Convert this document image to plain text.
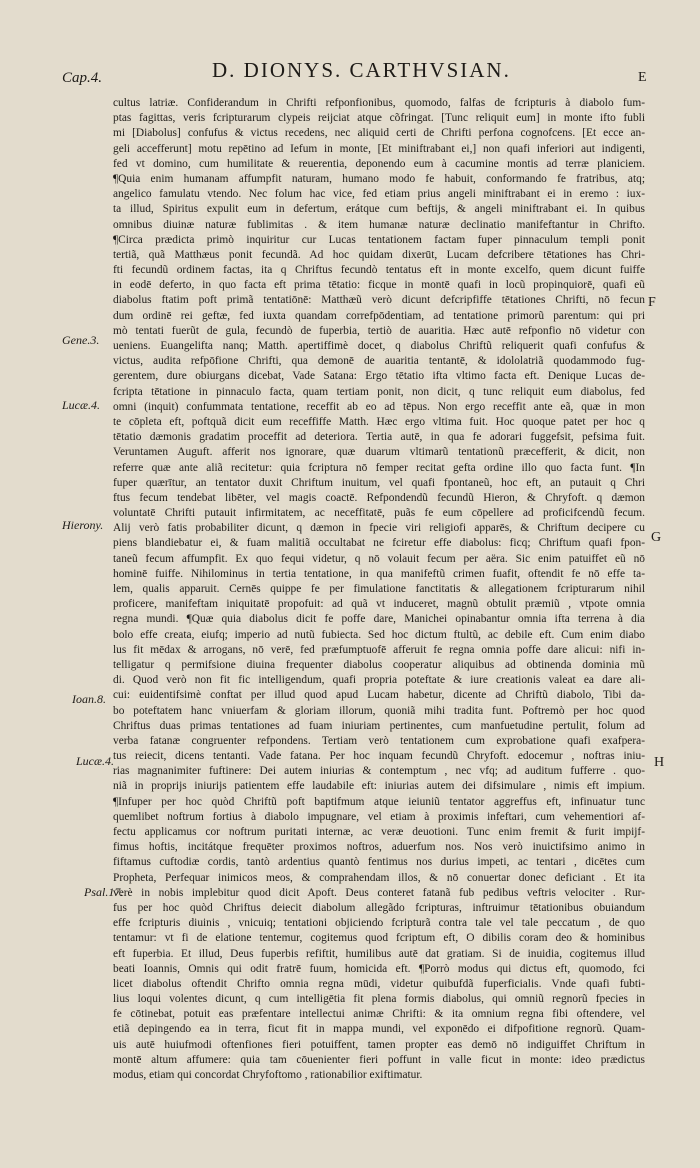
Cap.4.	D. DIONYS. CARTHVSIAN.	E
F
G
H
Gene.3.
Lucæ.4.
Hierony.
Ioan.8.
Lucæ.4.
Psal.17.
cultus latriæ. Confiderandum in Chrifti refponfionibus, quomodo, falfas de fcripturis à diabolo fum-
ptas fagittas, veris fcripturarum clypeis reijciat atque cõfringat. [Tunc reliquit eum] in monte ifto fubli
mi [Diabolus] confufus & victus recedens, nec aliquid certi de Chrifti perfona cognofcens. [Et ecce an-
geli accefferunt] motu repētino ad Iefum in monte, [Et miniftrabant ei,] non quafi inferiori aut indigenti,
fed vt domino, cum humilitate & reuerentia, deponendo eum à cacumine montis ad terræ planiciem.
¶Quia enim humanam affumpfit naturam, humano modo fe habuit, conformando fe fratribus, atq;
angelico famulatu vtendo. Nec folum hac vice, fed etiam prius angeli miniftrabant ei in eremo : iux-
ta illud, Spiritus expulit eum in defertum, erátque cum beftijs, & angeli miniftrabant ei. In quibus
omnibus diuinæ naturæ fublimitas . & item humanæ naturæ declinatio manifeftantur in Chrifto.
¶Circa prædicta primò inquiritur cur Lucas tentationem factam fuper pinnaculum templi ponit
tertiã, quã Matthæus ponit fecundã. Ad hoc quidam dixerūt, Lucam defcribere tētationes has Chri-
fti fecundũ ordinem factas, ita q Chriftus fecundò tentatus eft in monte excelfo, quem dicunt fuiffe
in eodē deferto, in quo facta eft prima tētatio: ficque in montē quafi in locũ propinquiorē, quafi eũ
diabolus ftatim poft primã tentatiōnē: Matthæũ verò dicunt defcripfiffe tētationes Chrifti, nō fecun
dum ordinē rei geftæ, fed iuxta quandam correfpōdentiam, ad tentatione primorũ parentum: qui pri
mò tentati fuerũt de gula, fecundò de fuperbia, tertiò de auaritia. Hæc autē refponfio nō videtur con
ueniens. Euangelifta nanq; Matth. apertiffimè docet, q diabolus Chriftũ reliquerit quafi confufus &
victus, audita refpōfione Chrifti, qua demonē de auaritia tentantē, & idololatriã quodammodo fug-
gerentem, dure obiurgans dicebat, Vade Satana: Ergo tētatio ifta vltimo facta eft. Denique Lucas de-
fcripta tētatione in pinnaculo facta, quam tertiam ponit, non dicit, q tunc reliquit eum diabolus, fed
omni (inquit) confummata tentatione, receffit ab eo ad tēpus. Non ergo receffit ante eã, quæ in mon
te cōpleta eft, poftquã dicit eum receffiffe Matth. Hæc ergo vltima fuit. Hoc quoque patet per hoc q
tētatio dæmonis gradatim proceffit ad deteriora. Tertia autē, in qua fe adorari fuggefsit, pefsima fuit.
Veruntamen Auguft. afferit nos ignorare, quæ duarum vltimarũ tentationũ præcefferit, & dicit, non
referre quæ ante aliã recitetur: quia fcriptura nō femper recitat gefta ordine illo quo facta funt. ¶In
fuper quærītur, an tentator duxit Chriftum inuitum, vel quafi fpontaneũ, hoc eft, an putauit q Chri
ftus fecum tendebat libēter, vel magis coactē. Refpondendũ fecundũ Hieron, & Chryfoft. q dæmon
voluntatē Chrifti putauit infirmitatem, ac neceffitatē, puãs fe eum cōpellere ad proficifcendũ fecum.
Alij verò fatis probabiliter dicunt, q dæmon in fpecie viri religiofi apparēs, & Chriftum decipere cu
piens blandiebatur ei, & fuam malitiã occultabat ne fciretur effe diabolus: ficq; Chriftum quafi fpon-
taneũ fecum affumpfit. Ex quo fequi videtur, q nō volauit fecum per aëra. Sic enim patuiffet eũ nō
hominē fuiffe. Nihilominus in tertia tentatione, in qua manifeftũ crimen fuafit, oftendit fe nō effe ta-
lem, qualis apparuit. Cernēs quippe fe per fimulatione fanctitatis & allegationem fcripturarum nihil
proficere, manifeftam iniquitatē propofuit: ad quã vt induceret, magnũ obtulit præmiũ , vtpote omnia
regna mundi. ¶Quæ quia diabolus dicit fe poffe dare, Manichei opinabantur omnia ifta terrena à dia
bolo effe creata, eiufq; imperio ad nutũ fubiecta. Sed hoc dictum ftultũ, ac debile eft. Cum enim diabo
lus fit mēdax & arrogans, nō verē, fed præfumptuofē afferuit fe regna omnia poffe dare alicui: nifi in-
telligatur q permifsione diuina frequenter diabolus cooperatur aliquibus ad obtinenda dominia mũ
di. Quod verò non fit fic intelligendum, quafi propria poteftate & iure creationis valeat ea dare ali-
cui: euidentifsimè conftat per illud quod apud Lucam habetur, dicente ad Chriftũ diabolo, Tibi da-
bo poteftatem hanc vniuerfam & gloriam illorum, quoniã mihi tradita funt. Poftremò per hoc quod
Chriftus duas primas tentationes ad fuam iniuriam pertinentes, cum manfuetudine pertulit, folum ad
verba fatanæ congruenter refpondens. Tertiam verò tentationem cum exprobatione quafi exafpera-
tus reiecit, dicens tentanti. Vade fatana. Per hoc inquam fecundũ Chryfoft. edocemur , noftras iniu-
rias magnanimiter fuftinere: Dei autem iniurias & contemptum , nec vfq; ad auditum fufferre . quo-
niã in proprijs iniurijs patientem effe laudabile eft: iniurias autem dei difsimulare , nimis eft impium.
¶Infuper per hoc quòd Chriftũ poft baptifmum atque ieiuniũ tentator aggreffus eft, infinuatur tunc
quemlibet noftrum fortius à diabolo impugnare, vel etiam à proximis infeftari, cum vehementiori af-
fectu applicamus cor noftrum puritati internæ, ac veræ deuotioni. Tunc enim fremit & furit impijf-
fimus hoftis, incitátque frequēter proximos noftros, aduerfum nos. Nos verò inuictifsimo animo in
fiftamus cuftodiæ cordis, tantò ardentius quantò fentimus nos durius impeti, ac tentari , dicētes cum
Propheta, Perfequar inimicos meos, & comprahendam illos, & nō conuertar donec deficiant . Et ita
verè in nobis implebitur quod dicit Apoft. Deus conteret fatanã fub pedibus veftris velociter . Rur-
fus per hoc quòd Chriftus deiecit diabolum allegãdo fcripturas, inftruimur tētationibus obuiandum
effe fcripturis diuinis , vnicuiq; tentationi objiciendo fcripturã contra tale vel tale peccatum , de quo
tentamur: vt fi de elatione tentemur, cogitemus quod fcriptum eft, O dibilis coram deo & hominibus
eft fuperbia. Et illud, Deus fuperbis refiftit, humilibus autē dat gratiam. Si de inuidia, cogitemus illud
beati Ioannis, Omnis qui odit fratrē fuum, homicida eft. ¶Porrò modus qui dictus eft, quomodo, fci
licet diabolus oftendit Chrifto omnia regna mūdi, videtur quibufdã fuperficialis. Vnde quafi fubti-
lius loqui volentes dicunt, q cum intelligētia fit plena formis diabolus, qui omniũ regnorũ fpecies in
fe cōtinebat, potuit eas præfentare intellectui animæ Chrifti: & ita omnium regna fibi oftendere, vel
etiã depingendo ea in terra, ficut fit in mappa mundi, vel exponēdo ei difpofitione regnorũ. Quam-
uis autē huiufmodi oftenfiones fieri potuiffent, tamen propter eas demō nō indiguiffet Chriftum in
montē altum affumere: quia tam cōuenienter fieri poffunt in valle ficut in monte: ideo prædictus
modus, etiam qui concordat Chryfoftomo , rationabilior exiftimatur.
